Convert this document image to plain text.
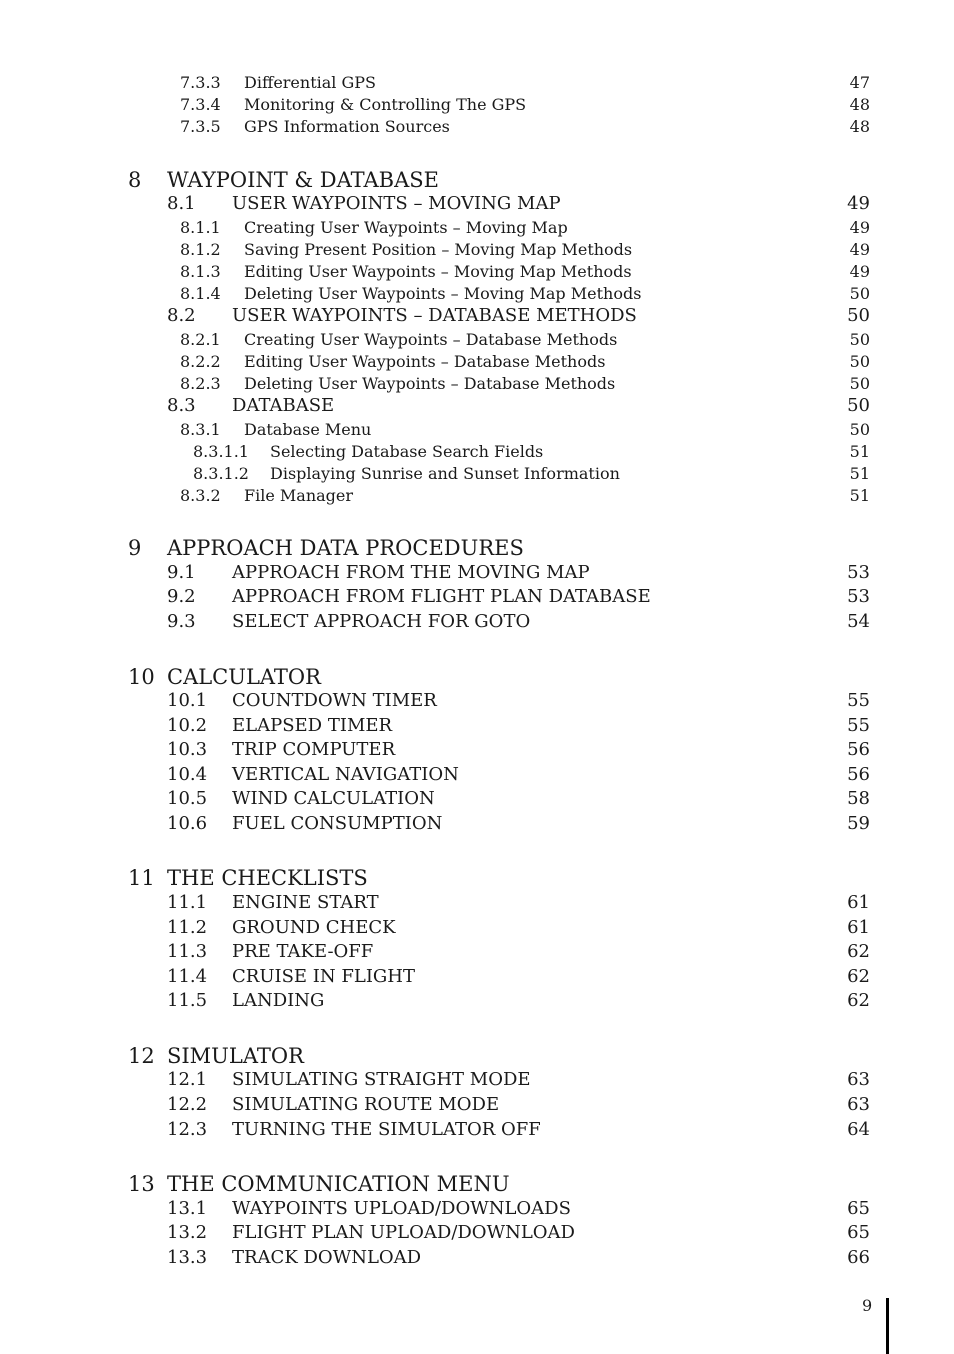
7.3.3 Differential GPS	47
7.3.4 Monitoring & Controlling The GPS	48
7.3.5 GPS Information Sources	48
8 WAYPOINT & DATABASE
8.1 USER WAYPOINTS – MOVING MAP	49
8.1.1 Creating User Waypoints – Moving Map	49
8.1.2 Saving Present Position – Moving Map Methods	49
8.1.3 Editing User Waypoints – Moving Map Methods	49
8.1.4 Deleting User Waypoints – Moving Map Methods	50
8.2 USER WAYPOINTS – DATABASE METHODS	50
8.2.1 Creating User Waypoints – Database Methods	50
8.2.2 Editing User Waypoints – Database Methods	50
8.2.3 Deleting User Waypoints – Database Methods	50
8.3 DATABASE	50
8.3.1 Database Menu	50
8.3.1.1 Selecting Database Search Fields	51
8.3.1.2 Displaying Sunrise and Sunset Information	51
8.3.2 File Manager	51
9 APPROACH DATA PROCEDURES
9.1 APPROACH FROM THE MOVING MAP	53
9.2 APPROACH FROM FLIGHT PLAN DATABASE	53
9.3 SELECT APPROACH FOR GOTO	54
10 CALCULATOR
10.1 COUNTDOWN TIMER	55
10.2 ELAPSED TIMER	55
10.3 TRIP COMPUTER	56
10.4 VERTICAL NAVIGATION	56
10.5 WIND CALCULATION	58
10.6 FUEL CONSUMPTION	59
11 THE CHECKLISTS
11.1 ENGINE START	61
11.2 GROUND CHECK	61
11.3 PRE TAKE-OFF	62
11.4 CRUISE IN FLIGHT	62
11.5 LANDING	62
12 SIMULATOR
12.1 SIMULATING STRAIGHT MODE	63
12.2 SIMULATING ROUTE MODE	63
12.3 TURNING THE SIMULATOR OFF	64
13 THE COMMUNICATION MENU
13.1 WAYPOINTS UPLOAD/DOWNLOADS	65
13.2 FLIGHT PLAN UPLOAD/DOWNLOAD	65
13.3 TRACK DOWNLOAD	66
9
